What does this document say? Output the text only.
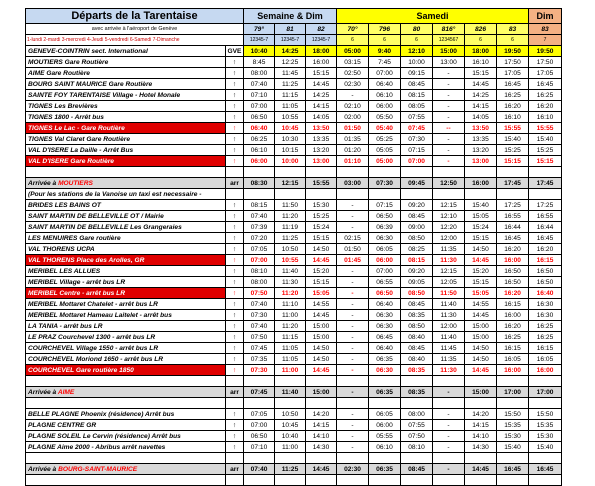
Départs de la Tarentaise		Semaine & Dim			Samedi						Dim
avec arrivée à l'aéroport de Genève		79°	81	82	70°	796	80	816°	826	83	83
1-lundi 2-mardi 3-mercredi 4-Jeudi 5-vendredi 6-Samedi 7-Dimanche		12345-7	12345-7	12345-7	6	6	6	1234567	6	6	7
GENEVE-COINTRIN sect. International	GVE	10:40	14:25	18:00	05:00	9:40	12:10	15:00	18:00	19:50	19:50
MOUTIERS Gare Routière	↑	8:45	12:25	16:00	03:15	7:45	10:00	13:00	16:10	17:50	17:50
AIME Gare Routière	↑	08:00	11:45	15:15	02:50	07:00	09:15	-	15:15	17:05	17:05
BOURG SAINT MAURICE Gare Routière	↑	07:40	11:25	14:45	02:30	06:40	08:45	-	14:45	16:45	16:45
SAINTE FOY TARENTAISE Village - Hotel Monale	↑	07:10	11:15	14:25	-	06:10	08:15	-	14:25	16:25	16:25
TIGNES Les Brevières	↑	07:00	11:05	14:15	02:10	06:00	08:05	-	14:15	16:20	16:20
TIGNES 1800 - Arrêt bus	↑	06:50	10:55	14:05	02:00	05:50	07:55	-	14:05	16:10	16:10
TIGNES Le Lac - Gare Routière	↑	06:40	10:45	13:50	01:50	05:40	07:45	--	13:50	15:55	15:55
TIGNES Val Claret Gare Routière	↑	06:25	10:30	13:35	01:35	05:25	07:30	-	13:35	15:40	15:40
VAL D'ISERE La Daille - Arrêt Bus	↑	06:10	10:15	13:20	01:20	05:05	07:15	-	13:20	15:25	15:25
VAL D'ISERE Gare Routière	↑	06:00	10:00	13:00	01:10	05:00	07:00	-	13:00	15:15	15:15

Arrivée à MOUTIERS	arr	08:30	12:15	15:55	03:00	07:30	09:45	12:50	16:00	17:45	17:45
(Pour les stations de la Vanoise un taxi est necessaire -											
BRIDES LES BAINS OT	↑	08:15	11:50	15:30	-	07:15	09:20	12:15	15:40	17:25	17:25
SAINT MARTIN DE BELLEVILLE OT / Mairie	↑	07:40	11:20	15:25	-	06:50	08:45	12:10	15:05	16:55	16:55
SAINT MARTIN DE BELLEVILLE Les Grangeraies	↑	07:39	11:19	15:24	-	06:39	09:00	12:20	15:24	16:44	16:44
LES MENUIRES Gare routière	↑	07:20	11:25	15:15	02:15	06:30	08:50	12:00	15:15	16:45	16:45
VAL THORENS UCPA	↑	07:05	10:50	14:50	01:50	06:05	08:25	11:35	14:50	16:20	16:20
VAL THORENS Place des Arolles, GR	↑	07:00	10:55	14:45	01:45	06:00	08:15	11:30	14:45	16:00	16:15
MERIBEL LES ALLUES	↑	08:10	11:40	15:20	-	07:00	09:20	12:15	15:20	16:50	16:50
MERIBEL Village - arrêt bus LR	↑	08:00	11:30	15:15	-	06:55	09:05	12:05	15:15	16:50	16:50
MERIBEL Centre - arrêt bus LR	↑	07:50	11:20	15:05	-	06:50	08:50	11:50	15:05	16:20	16:40
MERIBEL Mottaret Chatelet - arrêt bus LR	↑	07:40	11:10	14:55	-	06:40	08:45	11:40	14:55	16:15	16:30
MERIBEL Mottaret Hameau Laitelet - arrêt bus	↑	07:30	11:00	14:45	-	06:30	08:35	11:30	14:45	16:00	16:30
LA TANIA - arrêt bus LR	↑	07:40	11:20	15:00	-	06:30	08:50	12:00	15:00	16:20	16:25
LE PRAZ Courchevel 1300 - arrêt bus LR	↑	07:50	11:15	15:00	-	06:45	08:40	11:40	15:00	16:25	16:25
COURCHEVEL Village 1550 - arrêt bus LR	↑	07:45	11:05	14:50	-	06:40	08:45	11:45	14:50	16:15	16:15
COURCHEVEL Moriond 1650 - arrêt bus LR	↑	07:35	11:05	14:50	-	06:35	08:40	11:35	14:50	16:05	16:05
COURCHEVEL Gare routière 1850	↑	07:30	11:00	14:45	-	06:30	08:35	11:30	14:45	16:00	16:00

Arrivée à AIME	arr	07:45	11:40	15:00	-	06:35	08:35	-	15:00	17:00	17:00

BELLE PLAGNE Phoenix (résidence) Arrêt bus	↑	07:05	10:50	14:20	-	06:05	08:00	-	14:20	15:50	15:50
PLAGNE CENTRE GR	↑	07:00	10:45	14:15	-	06:00	07:55	-	14:15	15:35	15:35
PLAGNE SOLEIL Le Cervin (résidence) Arrêt bus	↑	06:50	10:40	14:10	-	05:55	07:50	-	14:10	15:30	15:30
PLAGNE Aime 2000 - Abribus arrêt navettes	↑	07:10	11:00	14:30	-	06:10	08:10	-	14:30	15:40	15:40

Arrivée à BOURG-SAINT-MAURICE	arr	07:40	11:25	14:45	02:30	06:35	08:45	-	14:45	16:45	16:45
